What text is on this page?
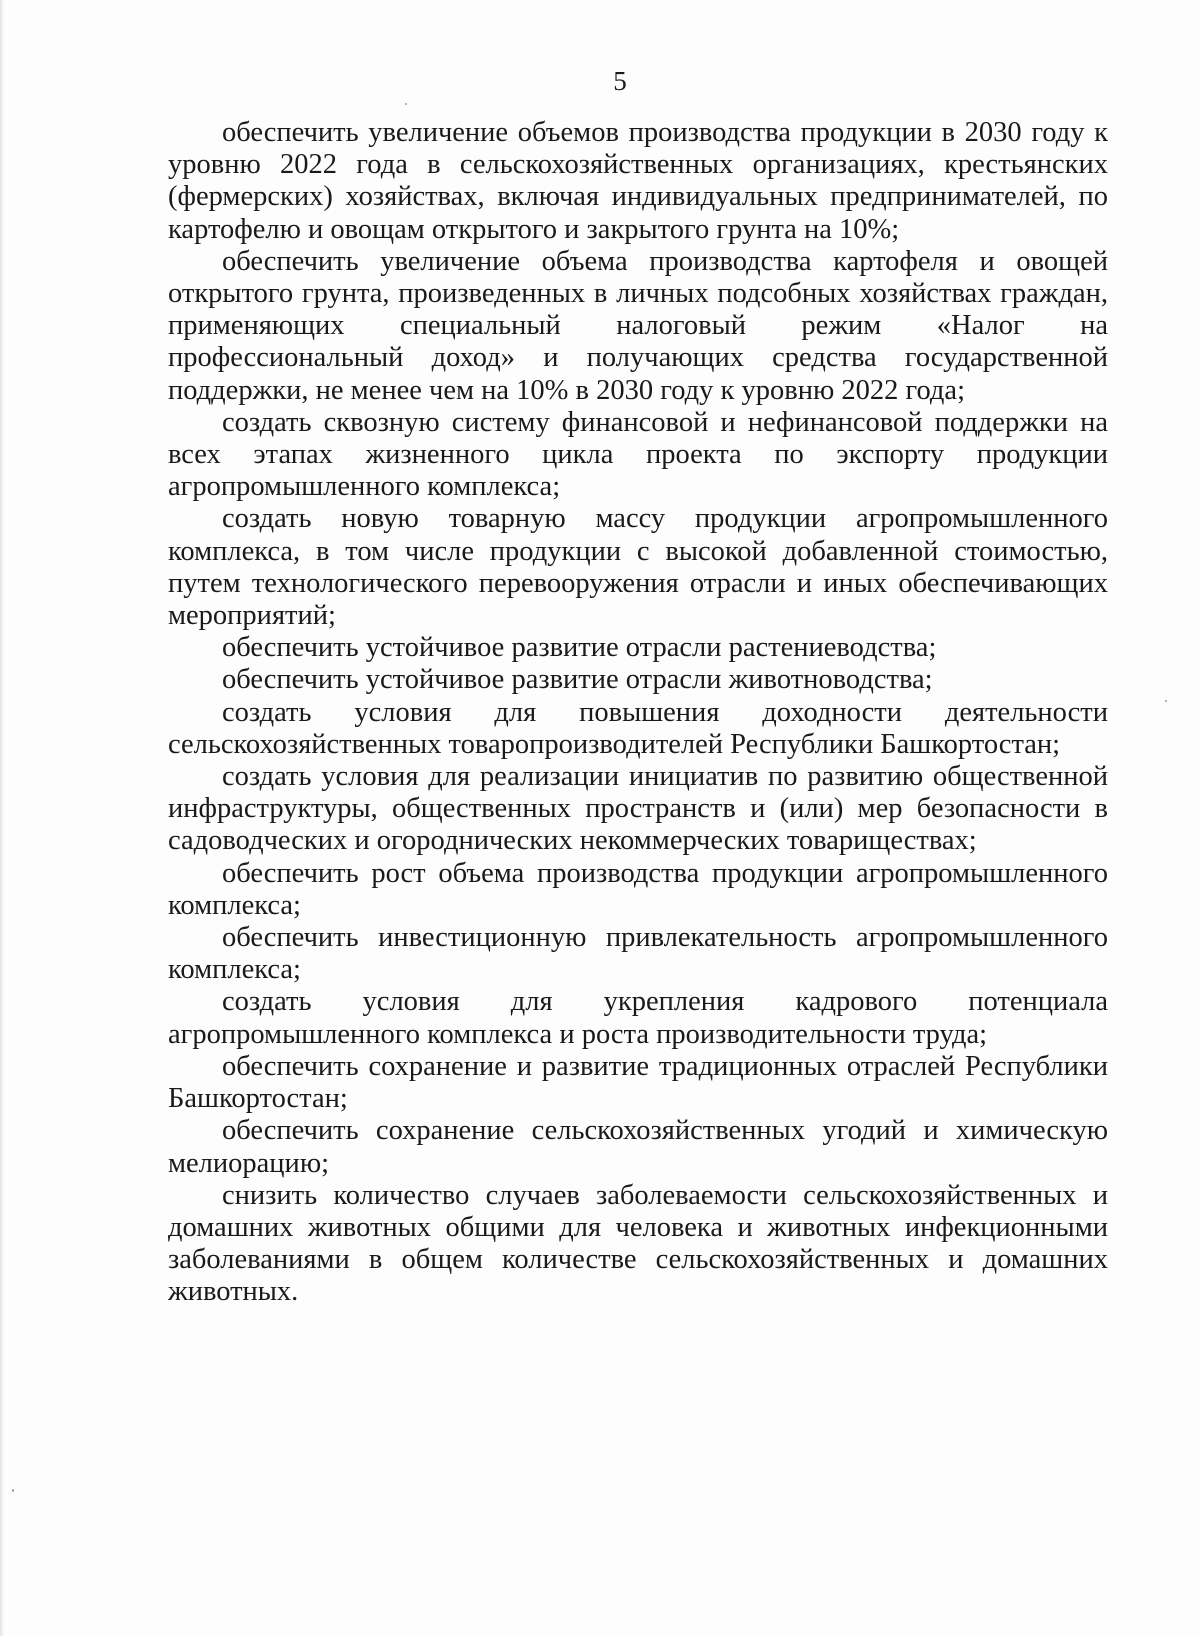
5

обеспечить увеличение объемов производства продукции в 2030 году к уровню 2022 года в сельскохозяйственных организациях, крестьянских (фермерских) хозяйствах, включая индивидуальных предпринимателей, по картофелю и овощам открытого и закрытого грунта на 10%;

обеспечить увеличение объема производства картофеля и овощей открытого грунта, произведенных в личных подсобных хозяйствах граждан, применяющих специальный налоговый режим «Налог на профессиональный доход» и получающих средства государственной поддержки, не менее чем на 10% в 2030 году к уровню 2022 года;

создать сквозную систему финансовой и нефинансовой поддержки на всех этапах жизненного цикла проекта по экспорту продукции агропромышленного комплекса;

создать новую товарную массу продукции агропромышленного комплекса, в том числе продукции с высокой добавленной стоимостью, путем технологического перевооружения отрасли и иных обеспечивающих мероприятий;

обеспечить устойчивое развитие отрасли растениеводства;

обеспечить устойчивое развитие отрасли животноводства;

создать условия для повышения доходности деятельности сельскохозяйственных товаропроизводителей Республики Башкортостан;

создать условия для реализации инициатив по развитию общественной инфраструктуры, общественных пространств и (или) мер безопасности в садоводческих и огороднических некоммерческих товариществах;

обеспечить рост объема производства продукции агропромышленного комплекса;

обеспечить инвестиционную привлекательность агропромышленного комплекса;

создать условия для укрепления кадрового потенциала агропромышленного комплекса и роста производительности труда;

обеспечить сохранение и развитие традиционных отраслей Республики Башкортостан;

обеспечить сохранение сельскохозяйственных угодий и химическую мелиорацию;

снизить количество случаев заболеваемости сельскохозяйственных и домашних животных общими для человека и животных инфекционными заболеваниями в общем количестве сельскохозяйственных и домашних животных.
